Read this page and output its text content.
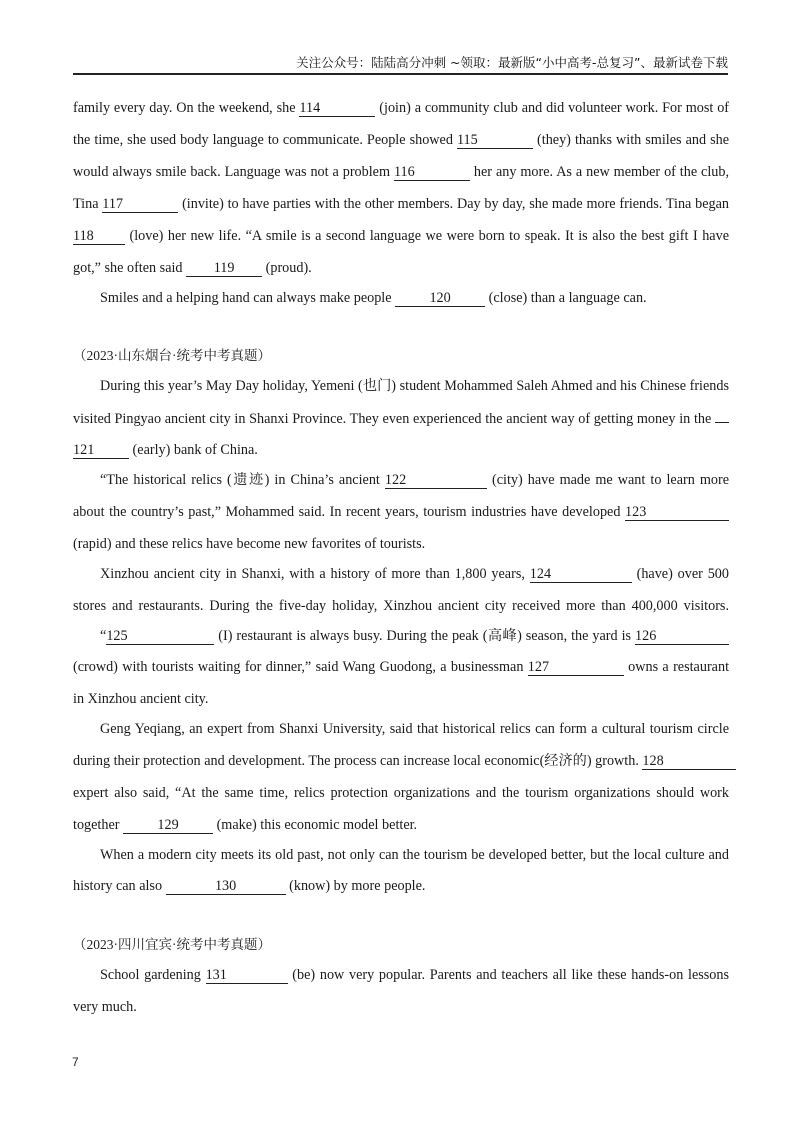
关注公众号：陆陆高分冲刺 ~领取：最新版“小中高考-总复习”、最新试卷下载
family every day. On the weekend, she 114	(join) a community club and did volunteer work. For most of
the time, she used body language to communicate. People showed 115	(they) thanks with smiles and she
would always smile back. Language was not a problem 116	her any more. As a new member of the club,
Tina 117	(invite) to have parties with the other members. Day by day, she made more friends. Tina began
118	(love) her new life. “A smile is a second language we were born to speak. It is also the best gift I have
got,” she often said 119 (proud).
Smiles and a helping hand can always make people	120	(close) than a language can.
（2023·山东烟台·统考中考真题）
During this year’s May Day holiday, Yemeni (也门) student Mohammed Saleh Ahmed and his Chinese friends
visited Pingyao ancient city in Shanxi Province. They even experienced the ancient way of getting money in the
121	(early) bank of China.
“The historical relics (遗迹) in China’s ancient 122	(city) have made me want to learn more
about the country’s past,” Mohammed said. In recent years, tourism industries have developed 123
(rapid) and these relics have become new favorites of tourists.
Xinzhou ancient city in Shanxi, with a history of more than 1,800 years, 124	(have) over 500
stores and restaurants. During the five-day holiday, Xinzhou ancient city received more than 400,000 visitors.
“125	(I) restaurant is always busy. During the peak (高峰) season, the yard is 126
(crowd) with tourists waiting for dinner,” said Wang Guodong, a businessman 127	owns a restaurant
in Xinzhou ancient city.
Geng Yeqiang, an expert from Shanxi University, said that historical relics can form a cultural tourism circle
during their protection and development. The process can increase local economic(经济的) growth. 128
expert also said, “At the same time, relics protection organizations and the tourism organizations should work
together	129	(make) this economic model better.
When a modern city meets its old past, not only can the tourism be developed better, but the local culture and
history can also	130	(know) by more people.
（2023·四川宜宾·统考中考真题）
School gardening 131	(be) now very popular. Parents and teachers all like these hands-on lessons
very much.
7
